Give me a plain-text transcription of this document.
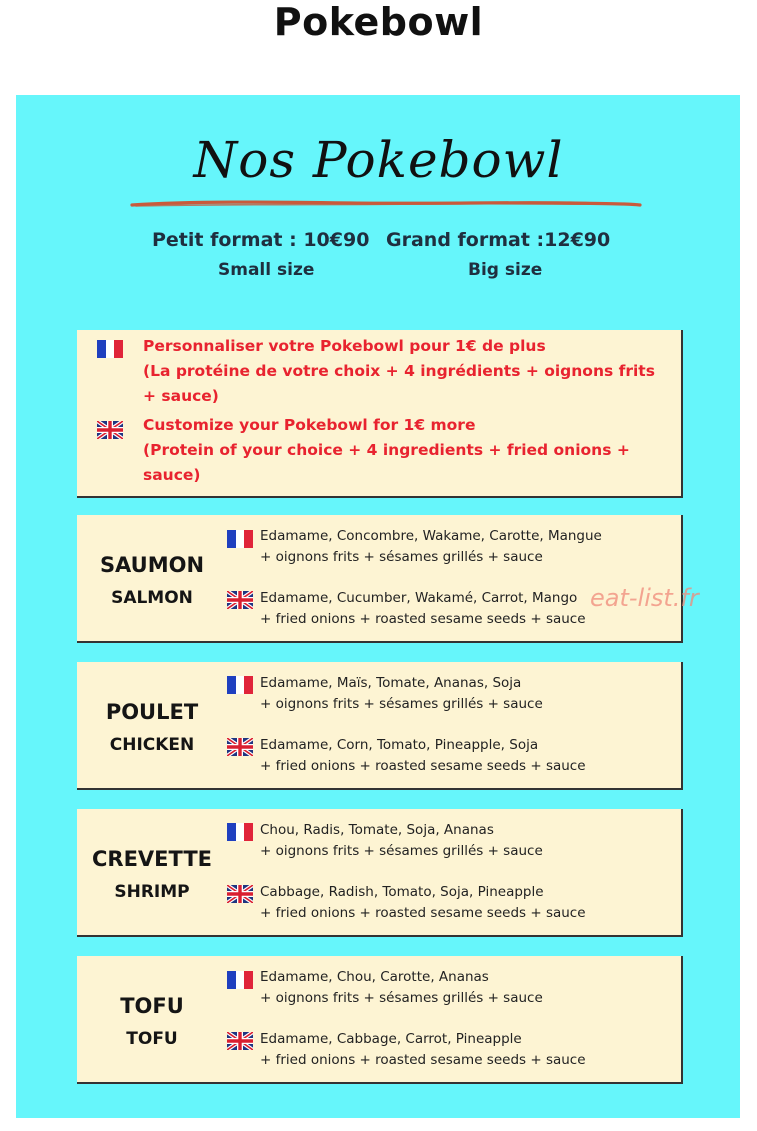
Pokebowl
Nos Pokebowl
Petit format : 10€90 Grand format :12€90
Small size	Big size
Personnaliser votre Pokebowl pour 1€ de plus
(La protéine de votre choix + 4 ingrédients + oignons frits
+ sauce)
Customize your Pokebowl for 1€ more
(Protein of your choice + 4 ingredients + fried onions +
sauce)
SAUMON
SALMON
Edamame, Concombre, Wakame, Carotte, Mangue
+ oignons frits + sésames grillés + sauce
Edamame, Cucumber, Wakamé, Carrot, Mango
+ fried onions + roasted sesame seeds + sauce
POULET
CHICKEN
Edamame, Maïs, Tomate, Ananas, Soja
+ oignons frits + sésames grillés + sauce
Edamame, Corn, Tomato, Pineapple, Soja
+ fried onions + roasted sesame seeds + sauce
CREVETTE
SHRIMP
Chou, Radis, Tomate, Soja, Ananas
+ oignons frits + sésames grillés + sauce
Cabbage, Radish, Tomato, Soja, Pineapple
+ fried onions + roasted sesame seeds + sauce
TOFU
TOFU
Edamame, Chou, Carotte, Ananas
+ oignons frits + sésames grillés + sauce
Edamame, Cabbage, Carrot, Pineapple
+ fried onions + roasted sesame seeds + sauce
eat-list.fr
